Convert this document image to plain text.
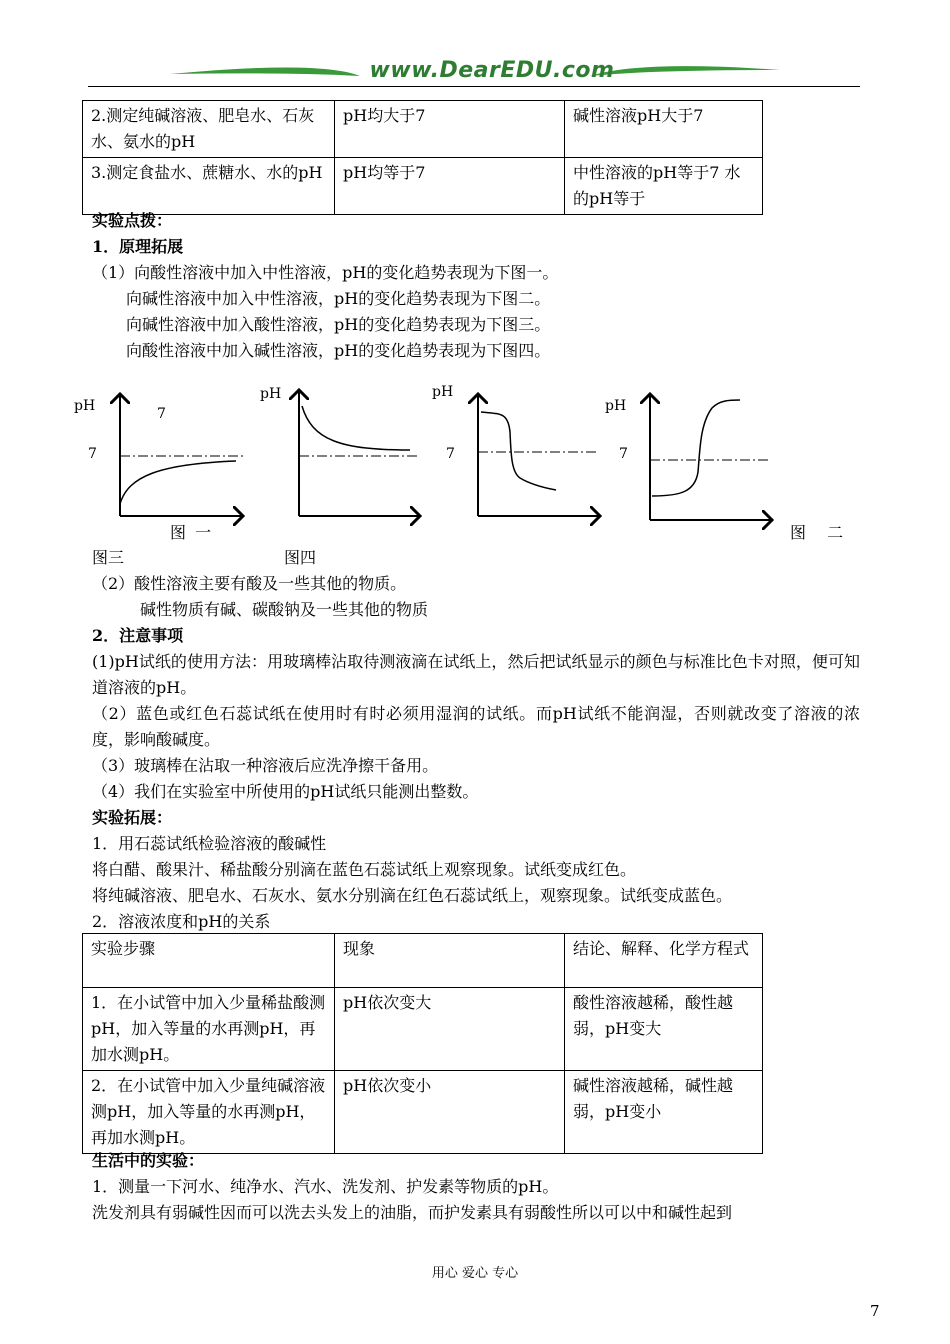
www.DearEDU.com
2.测定纯碱溶液、肥皂水、石灰水、氨水的pH	pH均大于7	碱性溶液pH大于7
3.测定食盐水、蔗糖水、水的pH	pH均等于7	中性溶液的pH等于7 水的pH等于
实验点拨：
1．原理拓展
（1）向酸性溶液中加入中性溶液，pH的变化趋势表现为下图一。
向碱性溶液中加入中性溶液，pH的变化趋势表现为下图二。
向碱性溶液中加入酸性溶液，pH的变化趋势表现为下图三。
向酸性溶液中加入碱性溶液，pH的变化趋势表现为下图四。
pH	7
7
pH	pH
7
pH
7
图 一	图　 二
图三	图四
（2）酸性溶液主要有酸及一些其他的物质。
碱性物质有碱、碳酸钠及一些其他的物质
2．注意事项
(1)pH试纸的使用方法：用玻璃棒沾取待测液滴在试纸上，然后把试纸显示的颜色与标准比色卡对照，便可知道溶液的pH。
（2）蓝色或红色石蕊试纸在使用时有时必须用湿润的试纸。而pH试纸不能润湿，否则就改变了溶液的浓度，影响酸碱度。
（3）玻璃棒在沾取一种溶液后应洗净擦干备用。
（4）我们在实验室中所使用的pH试纸只能测出整数。
实验拓展：
1．用石蕊试纸检验溶液的酸碱性
将白醋、酸果汁、稀盐酸分别滴在蓝色石蕊试纸上观察现象。试纸变成红色。
将纯碱溶液、肥皂水、石灰水、氨水分别滴在红色石蕊试纸上，观察现象。试纸变成蓝色。
2．溶液浓度和pH的关系
实验步骤	现象	结论、解释、化学方程式
1．在小试管中加入少量稀盐酸测pH，加入等量的水再测pH，再加水测pH。	pH依次变大	酸性溶液越稀，酸性越弱，pH变大
2．在小试管中加入少量纯碱溶液测pH，加入等量的水再测pH，再加水测pH。	pH依次变小	碱性溶液越稀，碱性越弱，pH变小
生活中的实验：
1．测量一下河水、纯净水、汽水、洗发剂、护发素等物质的pH。
洗发剂具有弱碱性因而可以洗去头发上的油脂，而护发素具有弱酸性所以可以中和碱性起到
用心 爱心 专心
7
